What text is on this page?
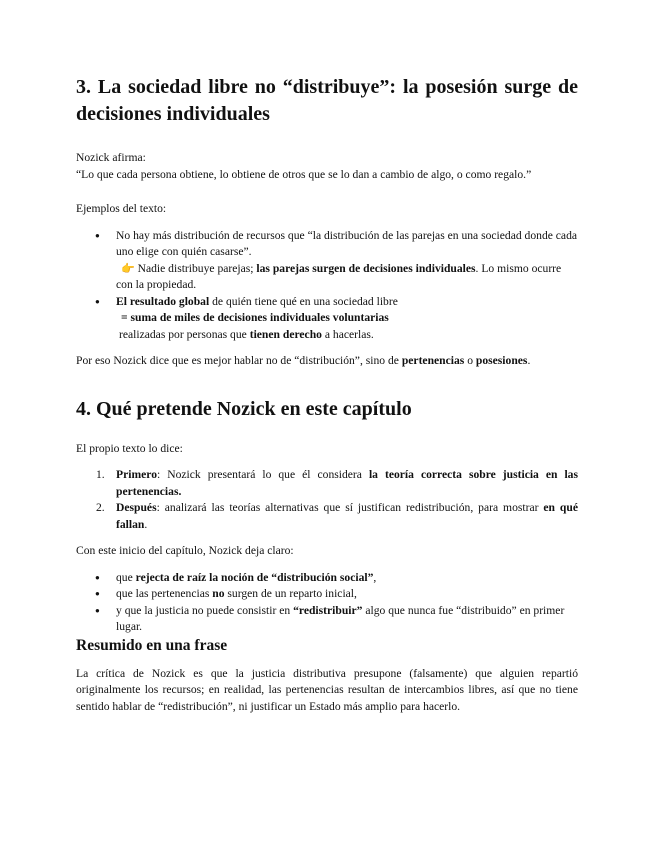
3. La sociedad libre no “distribuye”: la posesión surge de decisiones individuales

Nozick afirma:

“Lo que cada persona obtiene, lo obtiene de otros que se lo dan a cambio de algo, o como regalo.”

Ejemplos del texto:

● No hay más distribución de recursos que “la distribución de las parejas en una sociedad donde cada uno elige con quién casarse”.
👉 Nadie distribuye parejas; las parejas surgen de decisiones individuales. Lo mismo ocurre con la propiedad.
● El resultado global de quién tiene qué en una sociedad libre
= suma de miles de decisiones individuales voluntarias
realizadas por personas que tienen derecho a hacerlas.

Por eso Nozick dice que es mejor hablar no de “distribución”, sino de pertenencias o posesiones.

4. Qué pretende Nozick en este capítulo

El propio texto lo dice:

1. Primero: Nozick presentará lo que él considera la teoría correcta sobre justicia en las pertenencias.
2. Después: analizará las teorías alternativas que sí justifican redistribución, para mostrar en qué fallan.

Con este inicio del capítulo, Nozick deja claro:

● que rejecta de raíz la noción de “distribución social”,
● que las pertenencias no surgen de un reparto inicial,
● y que la justicia no puede consistir en “redistribuir” algo que nunca fue “distribuido” en primer lugar.
Resumido en una frase

La crítica de Nozick es que la justicia distributiva presupone (falsamente) que alguien repartió originalmente los recursos; en realidad, las pertenencias resultan de intercambios libres, así que no tiene sentido hablar de “redistribución”, ni justificar un Estado más amplio para hacerlo.
